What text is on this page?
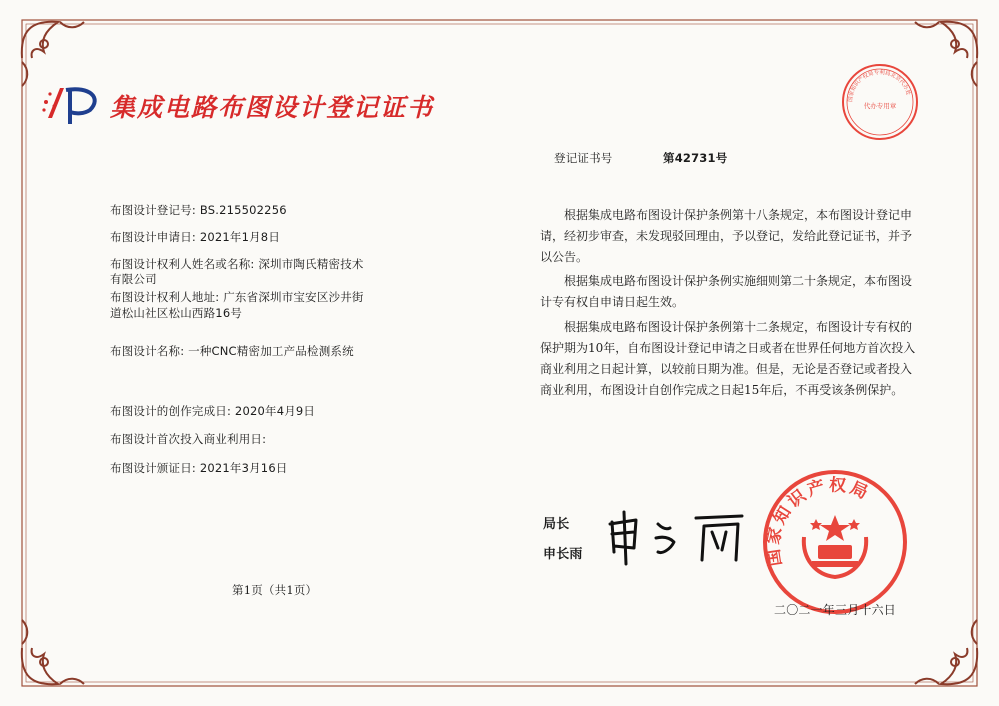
集成电路布图设计登记证书	国家知识产权局专利局北京代办处
代办专用章
登记证书号	第42731号
布图设计登记号: BS.215502256
布图设计申请日: 2021年1月8日
布图设计权利人姓名或名称: 深圳市陶氏精密技术
有限公司
布图设计权利人地址: 广东省深圳市宝安区沙井街
道松山社区松山西路16号
布图设计名称: 一种CNC精密加工产品检测系统
布图设计的创作完成日: 2020年4月9日
布图设计首次投入商业利用日:
布图设计颁证日: 2021年3月16日
根据集成电路布图设计保护条例第十八条规定，本布图设计登记申请，经初步审查，未发现驳回理由，予以登记，发给此登记证书，并予以公告。
根据集成电路布图设计保护条例实施细则第二十条规定，本布图设计专有权自申请日起生效。
根据集成电路布图设计保护条例第十二条规定，布图设计专有权的保护期为10年，自布图设计登记申请之日或者在世界任何地方首次投入商业利用之日起计算，以较前日期为准。但是，无论是否登记或者投入商业利用，布图设计自创作完成之日起15年后，不再受该条例保护。
局长
申长雨
第1页（共1页）
国家知识产权局
二〇二一年三月十六日
